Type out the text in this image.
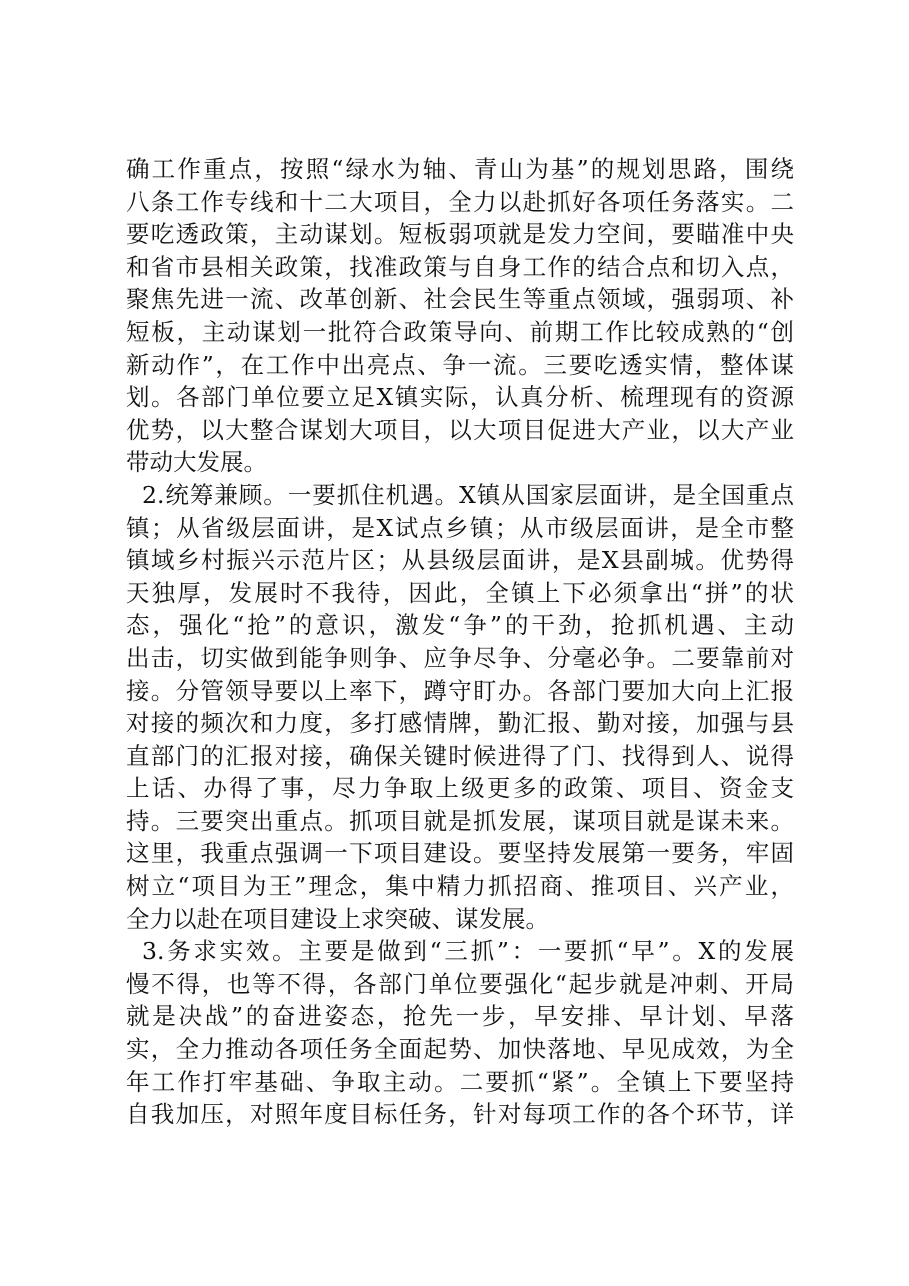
确工作重点，按照“绿水为轴、青山为基”的规划思路，围绕
八条工作专线和十二大项目，全力以赴抓好各项任务落实。二
要吃透政策，主动谋划。短板弱项就是发力空间，要瞄准中央
和省市县相关政策，找准政策与自身工作的结合点和切入点，
聚焦先进一流、改革创新、社会民生等重点领域，强弱项、补
短板，主动谋划一批符合政策导向、前期工作比较成熟的“创
新动作”，在工作中出亮点、争一流。三要吃透实情，整体谋
划。各部门单位要立足X镇实际，认真分析、梳理现有的资源
优势，以大整合谋划大项目，以大项目促进大产业，以大产业
带动大发展。
2.统筹兼顾。一要抓住机遇。X镇从国家层面讲，是全国重点
镇；从省级层面讲，是X试点乡镇；从市级层面讲，是全市整
镇域乡村振兴示范片区；从县级层面讲，是X县副城。优势得
天独厚，发展时不我待，因此，全镇上下必须拿出“拼”的状
态，强化“抢”的意识，激发“争”的干劲，抢抓机遇、主动
出击，切实做到能争则争、应争尽争、分毫必争。二要靠前对
接。分管领导要以上率下，蹲守盯办。各部门要加大向上汇报
对接的频次和力度，多打感情牌，勤汇报、勤对接，加强与县
直部门的汇报对接，确保关键时候进得了门、找得到人、说得
上话、办得了事，尽力争取上级更多的政策、项目、资金支
持。三要突出重点。抓项目就是抓发展，谋项目就是谋未来。
这里，我重点强调一下项目建设。要坚持发展第一要务，牢固
树立“项目为王”理念，集中精力抓招商、推项目、兴产业，
全力以赴在项目建设上求突破、谋发展。
3.务求实效。主要是做到“三抓”：一要抓“早”。X的发展
慢不得，也等不得，各部门单位要强化“起步就是冲刺、开局
就是决战”的奋进姿态，抢先一步，早安排、早计划、早落
实，全力推动各项任务全面起势、加快落地、早见成效，为全
年工作打牢基础、争取主动。二要抓“紧”。全镇上下要坚持
自我加压，对照年度目标任务，针对每项工作的各个环节，详
